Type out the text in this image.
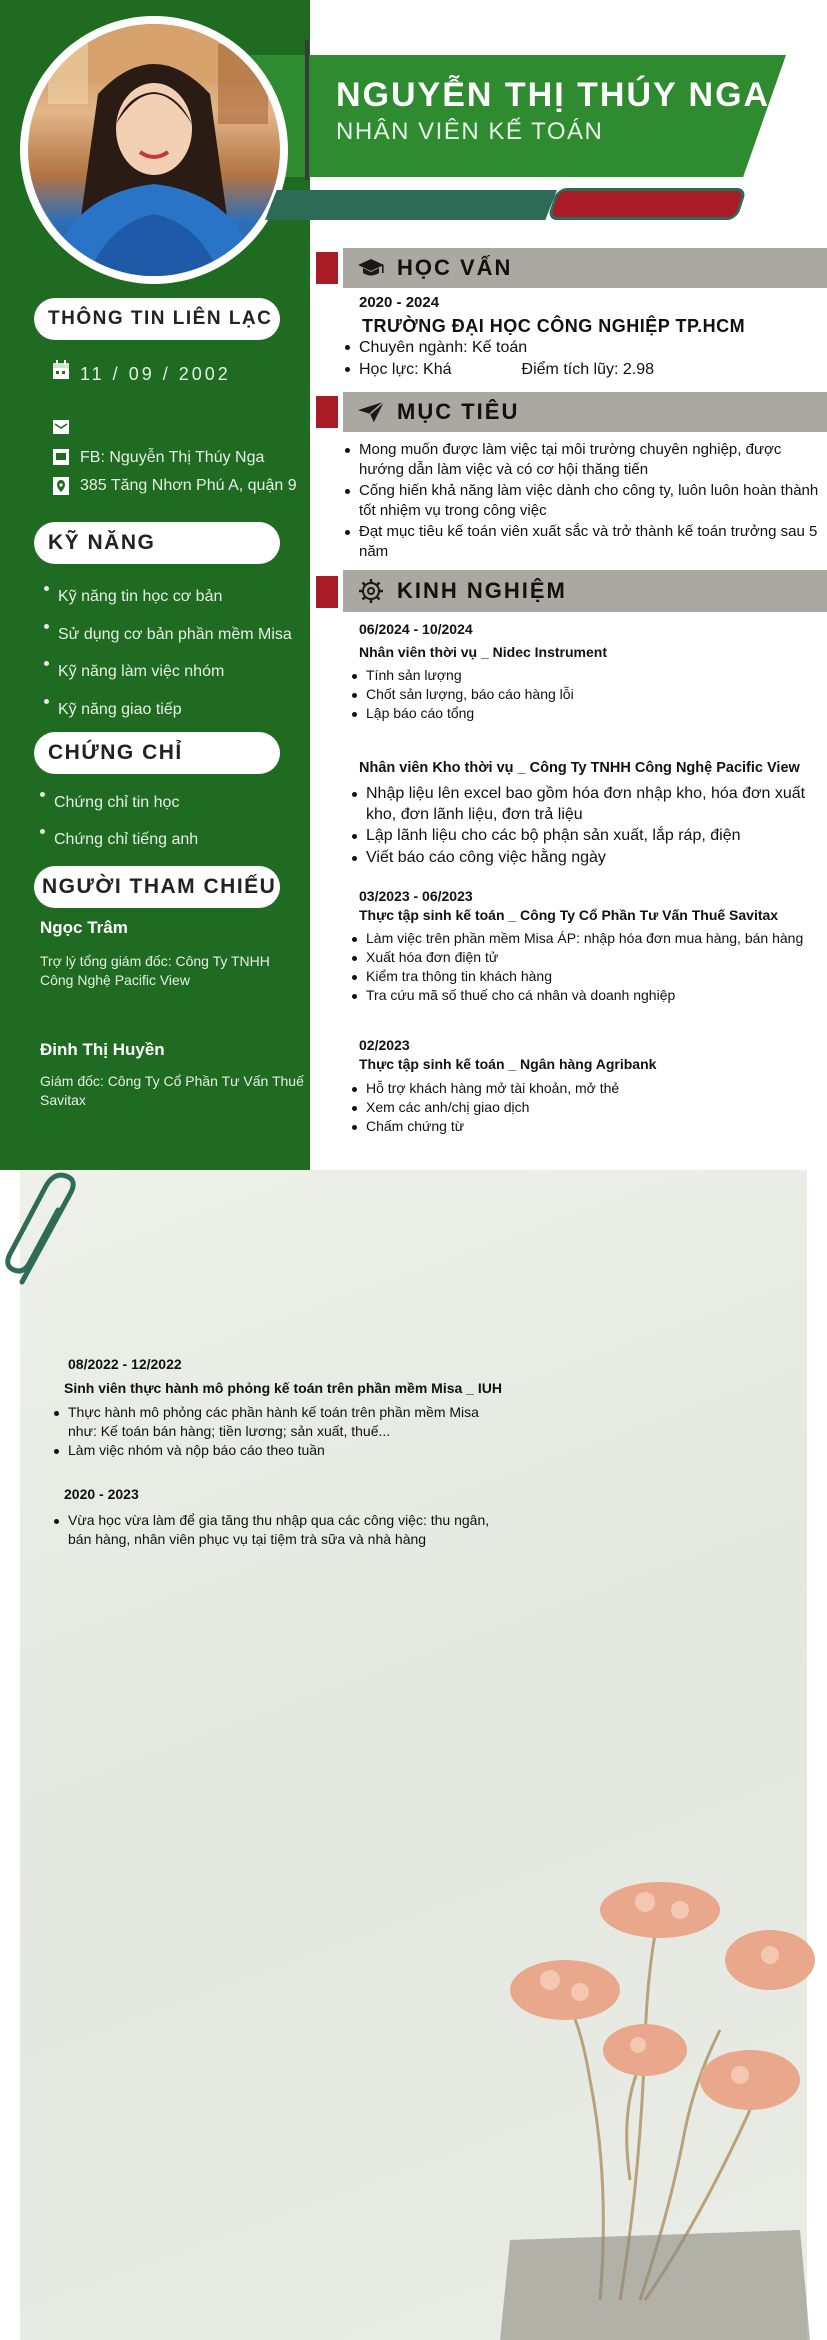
NGUYỄN THỊ THÚY NGA
NHÂN VIÊN KẾ TOÁN
THÔNG TIN LIÊN LẠC
11 / 09 / 2002
FB: Nguyễn Thị Thúy Nga
385 Tăng Nhơn Phú A, quận 9
KỸ NĂNG
Kỹ năng tin học cơ bản
Sử dụng cơ bản phần mềm Misa
Kỹ năng làm việc nhóm
Kỹ năng giao tiếp
CHỨNG CHỈ
Chứng chỉ tin học
Chứng chỉ tiếng anh
NGƯỜI THAM CHIẾU
Ngọc Trâm
Trợ lý tổng giám đốc: Công Ty TNHH Công Nghệ Pacific View
Đinh Thị Huyền
Giám đốc: Công Ty Cổ Phần Tư Vấn Thuế Savitax
HỌC VẤN
2020 - 2024
TRƯỜNG ĐẠI HỌC CÔNG NGHIỆP TP.HCM
Chuyên ngành: Kế toán
Học lực: Khá	Điểm tích lũy: 2.98
MỤC TIÊU
Mong muốn được làm việc tại môi trường chuyên nghiệp, được hướng dẫn làm việc và có cơ hội thăng tiến
Cống hiến khả năng làm việc dành cho công ty, luôn luôn hoàn thành tốt nhiệm vụ trong công việc
Đạt mục tiêu kế toán viên xuất sắc và trở thành kế toán trưởng sau 5 năm
KINH NGHIỆM
06/2024 - 10/2024
Nhân viên thời vụ _ Nidec Instrument
Tính sản lượng
Chốt sản lượng, báo cáo hàng lỗi
Lập báo cáo tổng
Nhân viên Kho thời vụ _ Công Ty TNHH Công Nghệ Pacific View
Nhập liệu lên excel bao gồm hóa đơn nhập kho, hóa đơn xuất kho, đơn lãnh liệu, đơn trả liệu
Lập lãnh liệu cho các bộ phận sản xuất, lắp ráp, điện
Viết báo cáo công việc hằng ngày
03/2023 - 06/2023
Thực tập sinh kế toán _ Công Ty Cổ Phần Tư Vấn Thuế Savitax
Làm việc trên phần mềm Misa ÁP: nhập hóa đơn mua hàng, bán hàng
Xuất hóa đơn điện tử
Kiểm tra thông tin khách hàng
Tra cứu mã số thuế cho cá nhân và doanh nghiệp
02/2023
Thực tập sinh kế toán _ Ngân hàng Agribank
Hỗ trợ khách hàng mở tài khoản, mở thẻ
Xem các anh/chị giao dịch
Chấm chứng từ
08/2022 - 12/2022
Sinh viên thực hành mô phỏng kế toán trên phần mềm Misa _ IUH
Thực hành mô phỏng các phần hành kế toán trên phần mềm Misa như: Kế toán bán hàng; tiền lương; sản xuất, thuế...
Làm việc nhóm và nộp báo cáo theo tuần
2020 - 2023
Vừa học vừa làm để gia tăng thu nhập qua các công việc: thu ngân, bán hàng, nhân viên phục vụ tại tiệm trà sữa và nhà hàng
